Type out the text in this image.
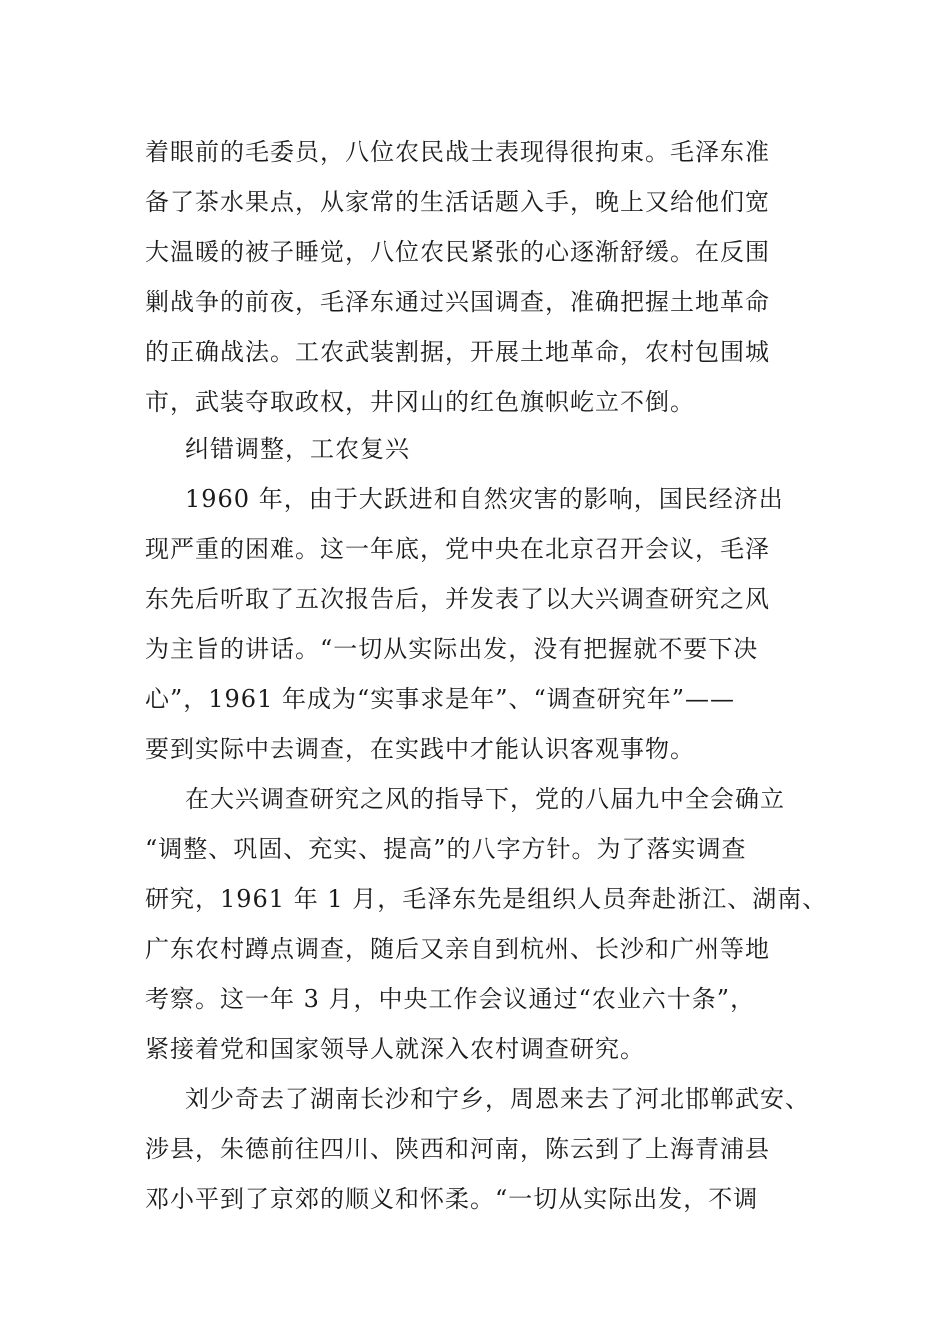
着眼前的毛委员，八位农民战士表现得很拘束。毛泽东准
备了茶水果点，从家常的生活话题入手，晚上又给他们宽
大温暖的被子睡觉，八位农民紧张的心逐渐舒缓。在反围
剿战争的前夜，毛泽东通过兴国调查，准确把握土地革命
的正确战法。工农武装割据，开展土地革命，农村包围城
市，武装夺取政权，井冈山的红色旗帜屹立不倒。
纠错调整，工农复兴
1960 年，由于大跃进和自然灾害的影响，国民经济出
现严重的困难。这一年底，党中央在北京召开会议，毛泽
东先后听取了五次报告后，并发表了以大兴调查研究之风
为主旨的讲话。“一切从实际出发，没有把握就不要下决
心”，1961 年成为“实事求是年”、“调查研究年”——
要到实际中去调查，在实践中才能认识客观事物。
在大兴调查研究之风的指导下，党的八届九中全会确立
“调整、巩固、充实、提高”的八字方针。为了落实调查
研究，1961 年 1 月，毛泽东先是组织人员奔赴浙江、湖南、
广东农村蹲点调查，随后又亲自到杭州、长沙和广州等地
考察。这一年 3 月，中央工作会议通过“农业六十条”，
紧接着党和国家领导人就深入农村调查研究。
刘少奇去了湖南长沙和宁乡，周恩来去了河北邯郸武安、
涉县，朱德前往四川、陕西和河南，陈云到了上海青浦县
邓小平到了京郊的顺义和怀柔。“一切从实际出发，不调
